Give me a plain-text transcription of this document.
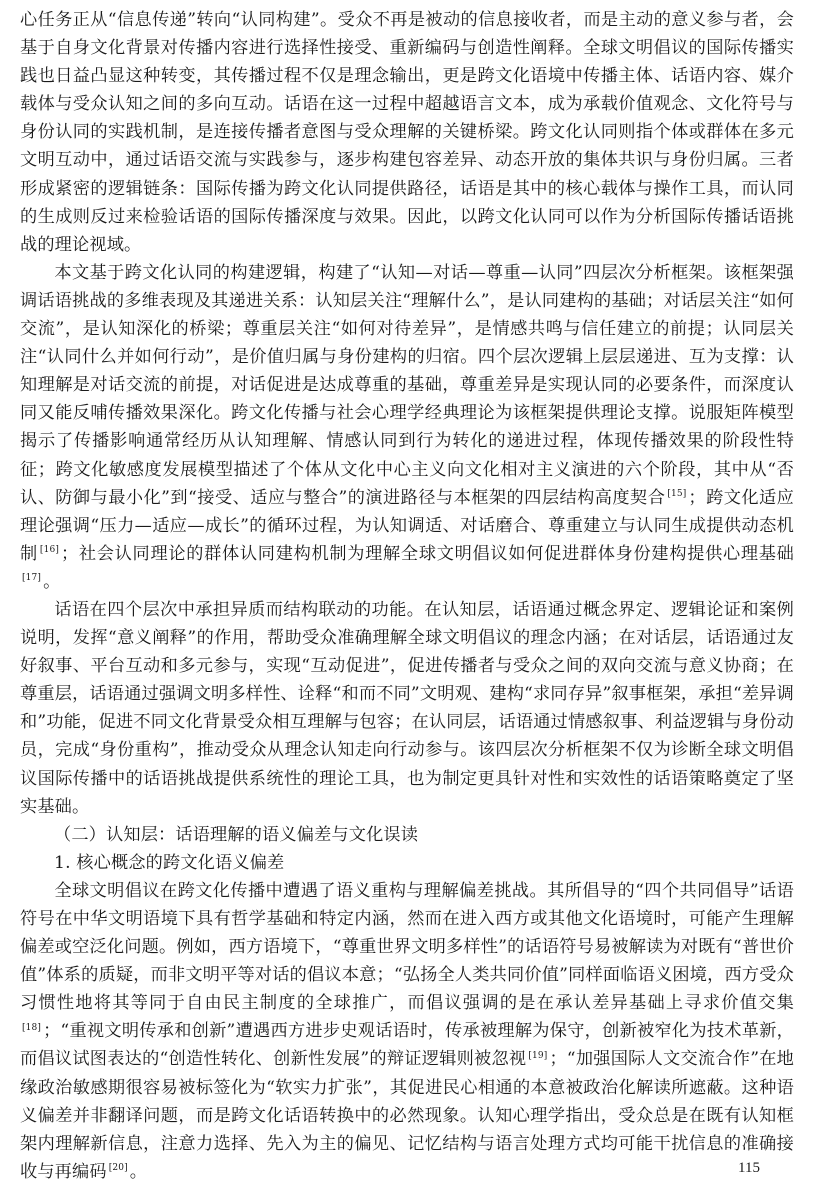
心任务正从“信息传递”转向“认同构建”。受众不再是被动的信息接收者，而是主动的意义参与者，会基于自身文化背景对传播内容进行选择性接受、重新编码与创造性阐释。全球文明倡议的国际传播实践也日益凸显这种转变，其传播过程不仅是理念输出，更是跨文化语境中传播主体、话语内容、媒介载体与受众认知之间的多向互动。话语在这一过程中超越语言文本，成为承载价值观念、文化符号与身份认同的实践机制，是连接传播者意图与受众理解的关键桥梁。跨文化认同则指个体或群体在多元文明互动中，通过话语交流与实践参与，逐步构建包容差异、动态开放的集体共识与身份归属。三者形成紧密的逻辑链条：国际传播为跨文化认同提供路径，话语是其中的核心载体与操作工具，而认同的生成则反过来检验话语的国际传播深度与效果。因此，以跨文化认同可以作为分析国际传播话语挑战的理论视域。

本文基于跨文化认同的构建逻辑，构建了“认知—对话—尊重—认同”四层次分析框架。该框架强调话语挑战的多维表现及其递进关系：认知层关注“理解什么”，是认同建构的基础；对话层关注“如何交流”，是认知深化的桥梁；尊重层关注“如何对待差异”，是情感共鸣与信任建立的前提；认同层关注“认同什么并如何行动”，是价值归属与身份建构的归宿。四个层次逻辑上层层递进、互为支撑：认知理解是对话交流的前提，对话促进是达成尊重的基础，尊重差异是实现认同的必要条件，而深度认同又能反哺传播效果深化。跨文化传播与社会心理学经典理论为该框架提供理论支撑。说服矩阵模型揭示了传播影响通常经历从认知理解、情感认同到行为转化的递进过程，体现传播效果的阶段性特征；跨文化敏感度发展模型描述了个体从文化中心主义向文化相对主义演进的六个阶段，其中从“否认、防御与最小化”到“接受、适应与整合”的演进路径与本框架的四层结构高度契合 [15] ；跨文化适应理论强调“压力—适应—成长”的循环过程，为认知调适、对话磨合、尊重建立与认同生成提供动态机制 [16] ；社会认同理论的群体认同建构机制为理解全球文明倡议如何促进群体身份建构提供心理基础[17] 。

话语在四个层次中承担异质而结构联动的功能。在认知层，话语通过概念界定、逻辑论证和案例说明，发挥“意义阐释”的作用，帮助受众准确理解全球文明倡议的理念内涵；在对话层，话语通过友好叙事、平台互动和多元参与，实现“互动促进”，促进传播者与受众之间的双向交流与意义协商；在尊重层，话语通过强调文明多样性、诠释“和而不同”文明观、建构“求同存异”叙事框架，承担“差异调和”功能，促进不同文化背景受众相互理解与包容；在认同层，话语通过情感叙事、利益逻辑与身份动员，完成“身份重构”，推动受众从理念认知走向行动参与。该四层次分析框架不仅为诊断全球文明倡议国际传播中的话语挑战提供系统性的理论工具，也为制定更具针对性和实效性的话语策略奠定了坚实基础。

（二）认知层：话语理解的语义偏差与文化误读

1. 核心概念的跨文化语义偏差

全球文明倡议在跨文化传播中遭遇了语义重构与理解偏差挑战。其所倡导的“四个共同倡导”话语符号在中华文明语境下具有哲学基础和特定内涵，然而在进入西方或其他文化语境时，可能产生理解偏差或空泛化问题。例如，西方语境下，“尊重世界文明多样性”的话语符号易被解读为对既有“普世价值”体系的质疑，而非文明平等对话的倡议本意；“弘扬全人类共同价值”同样面临语义困境，西方受众习惯性地将其等同于自由民主制度的全球推广，而倡议强调的是在承认差异基础上寻求价值交集[18] ；“重视文明传承和创新”遭遇西方进步史观话语时，传承被理解为保守，创新被窄化为技术革新，而倡议试图表达的“创造性转化、创新性发展”的辩证逻辑则被忽视 [19] ；“加强国际人文交流合作”在地缘政治敏感期很容易被标签化为“软实力扩张”，其促进民心相通的本意被政治化解读所遮蔽。这种语义偏差并非翻译问题，而是跨文化话语转换中的必然现象。认知心理学指出，受众总是在既有认知框架内理解新信息，注意力选择、先入为主的偏见、记忆结构与语言处理方式均可能干扰信息的准确接收与再编码 [20] 。	115
